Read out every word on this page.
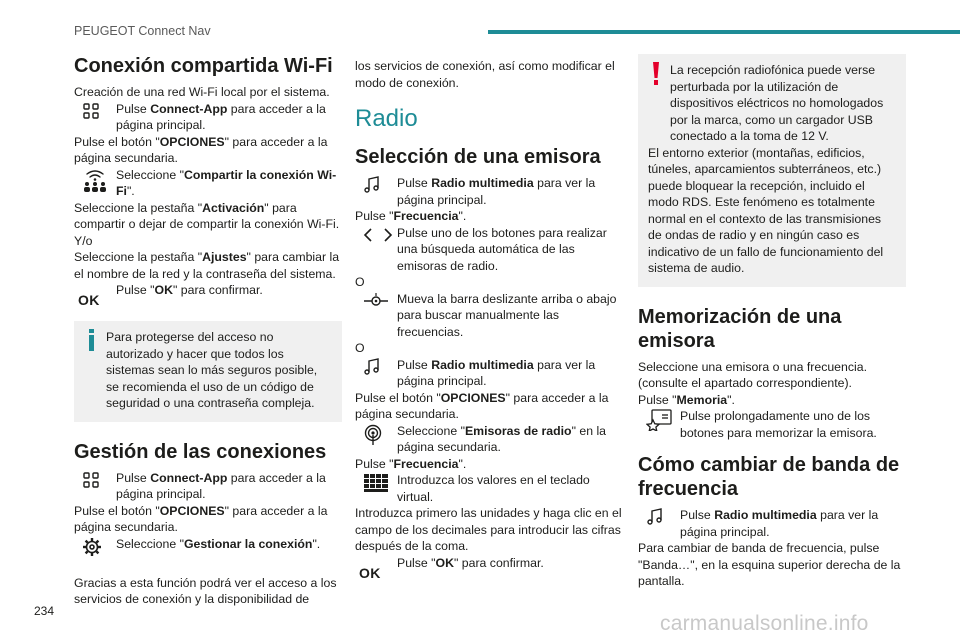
PEUGEOT Connect Nav
Conexión compartida Wi-Fi

Creación de una red Wi-Fi local por el sistema.

Pulse Connect-App para acceder a la página principal.

Pulse el botón "OPCIONES" para acceder a la página secundaria.

Seleccione "Compartir la conexión Wi-Fi".

Seleccione la pestaña "Activación" para compartir o dejar de compartir la conexión Wi-Fi.

Y/o

Seleccione la pestaña "Ajustes" para cambiar la el nombre de la red y la contraseña del sistema.

OK
Pulse "OK" para confirmar.

Para protegerse del acceso no autorizado y hacer que todos los sistemas sean lo más seguros posible, se recomienda el uso de un código de seguridad o una contraseña compleja.

Gestión de las conexiones
Pulse Connect-App para acceder a la página principal.

Pulse el botón "OPCIONES" para acceder a la página secundaria.

Seleccione "Gestionar la conexión".

Gracias a esta función podrá ver el acceso a los servicios de conexión y la disponibilidad de

los servicios de conexión, así como modificar el modo de conexión.

Radio
Selección de una emisora
Pulse Radio multimedia para ver la página principal.

Pulse "Frecuencia".

Pulse uno de los botones para realizar una búsqueda automática de las emisoras de radio.

O

Mueva la barra deslizante arriba o abajo para buscar manualmente las frecuencias.

O

Pulse Radio multimedia para ver la página principal.

Pulse el botón "OPCIONES" para acceder a la página secundaria.

Seleccione "Emisoras de radio" en la página secundaria.

Pulse "Frecuencia".

Introduzca los valores en el teclado virtual.

Introduzca primero las unidades y haga clic en el campo de los decimales para introducir las cifras después de la coma.

OK
Pulse "OK" para confirmar.

La recepción radiofónica puede verse perturbada por la utilización de dispositivos eléctricos no homologados por la marca, como un cargador USB conectado a la toma de 12 V.

El entorno exterior (montañas, edificios, túneles, aparcamientos subterráneos, etc.) puede bloquear la recepción, incluido el modo RDS. Este fenómeno es totalmente normal en el contexto de las transmisiones de ondas de radio y en ningún caso es indicativo de un fallo de funcionamiento del sistema de audio.

Memorización de una emisora

Seleccione una emisora o una frecuencia.

(consulte el apartado correspondiente).

Pulse "Memoria".

Pulse prolongadamente uno de los botones para memorizar la emisora.
Cómo cambiar de banda de frecuencia
Pulse Radio multimedia para ver la página principal.

Para cambiar de banda de frecuencia, pulse "Banda…", en la esquina superior derecha de la pantalla.

234
carmanualsonline.info
